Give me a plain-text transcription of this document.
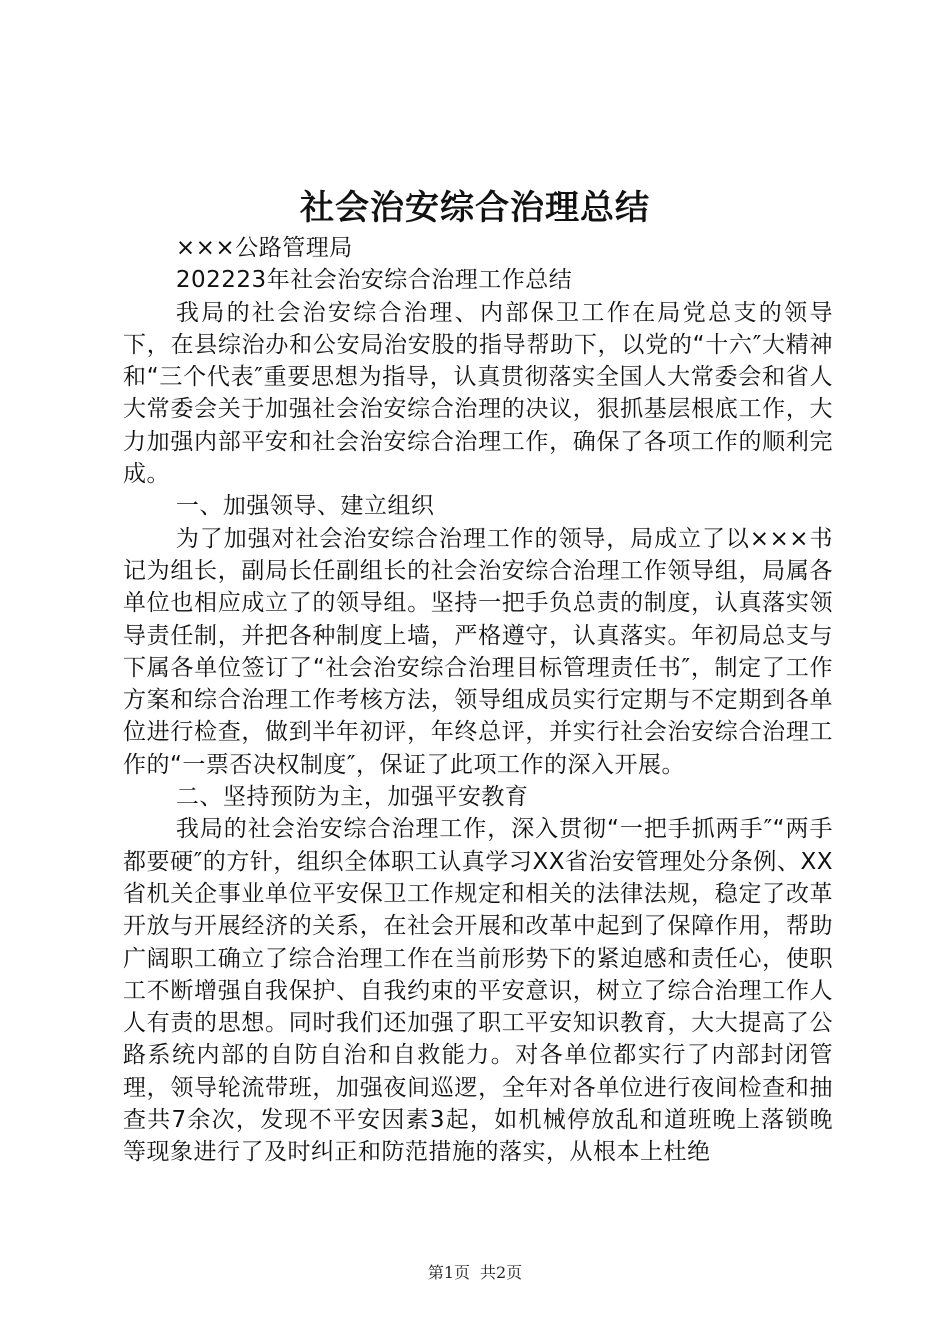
社会治安综合治理总结

×××公路管理局

202223年社会治安综合治理工作总结

我局的社会治安综合治理、内部保卫工作在局党总支的领导下，在县综治办和公安局治安股的指导帮助下，以党的“十六″大精神和“三个代表″重要思想为指导，认真贯彻落实全国人大常委会和省人大常委会关于加强社会治安综合治理的决议，狠抓基层根底工作，大力加强内部平安和社会治安综合治理工作，确保了各项工作的顺利完成。

一、加强领导、建立组织

为了加强对社会治安综合治理工作的领导，局成立了以×××书记为组长，副局长任副组长的社会治安综合治理工作领导组，局属各单位也相应成立了的领导组。坚持一把手负总责的制度，认真落实领导责任制，并把各种制度上墙，严格遵守，认真落实。年初局总支与下属各单位签订了“社会治安综合治理目标管理责任书″，制定了工作方案和综合治理工作考核方法，领导组成员实行定期与不定期到各单位进行检查，做到半年初评，年终总评，并实行社会治安综合治理工作的“一票否决权制度″，保证了此项工作的深入开展。

二、坚持预防为主，加强平安教育

我局的社会治安综合治理工作，深入贯彻“一把手抓两手″“两手都要硬″的方针，组织全体职工认真学习XX省治安管理处分条例、XX省机关企事业单位平安保卫工作规定和相关的法律法规，稳定了改革开放与开展经济的关系，在社会开展和改革中起到了保障作用，帮助广阔职工确立了综合治理工作在当前形势下的紧迫感和责任心，使职工不断增强自我保护、自我约束的平安意识，树立了综合治理工作人人有责的思想。同时我们还加强了职工平安知识教育，大大提高了公路系统内部的自防自治和自救能力。对各单位都实行了内部封闭管理，领导轮流带班，加强夜间巡逻，全年对各单位进行夜间检查和抽查共7余次，发现不平安因素3起，如机械停放乱和道班晚上落锁晚等现象进行了及时纠正和防范措施的落实，从根本上杜绝

第1页 共2页
